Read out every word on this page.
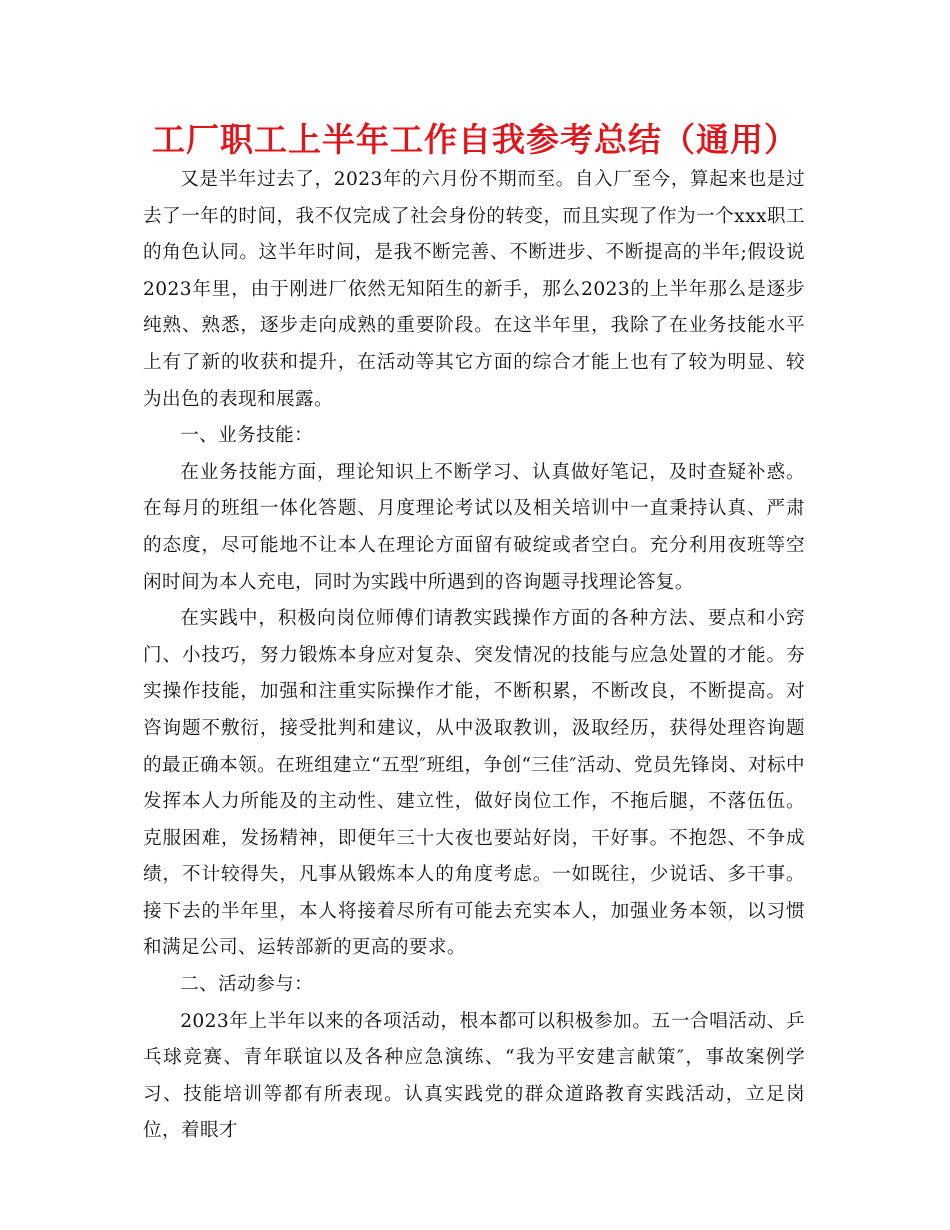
工厂职工上半年工作自我参考总结（通用）

又是半年过去了，2023年的六月份不期而至。自入厂至今，算起来也是过去了一年的时间，我不仅完成了社会身份的转变，而且实现了作为一个xxx职工的角色认同。这半年时间，是我不断完善、不断进步、不断提高的半年;假设说2023年里，由于刚进厂依然无知陌生的新手，那么2023的上半年那么是逐步纯熟、熟悉，逐步走向成熟的重要阶段。在这半年里，我除了在业务技能水平上有了新的收获和提升，在活动等其它方面的综合才能上也有了较为明显、较为出色的表现和展露。

一、业务技能：

在业务技能方面，理论知识上不断学习、认真做好笔记，及时查疑补惑。在每月的班组一体化答题、月度理论考试以及相关培训中一直秉持认真、严肃的态度，尽可能地不让本人在理论方面留有破绽或者空白。充分利用夜班等空闲时间为本人充电，同时为实践中所遇到的咨询题寻找理论答复。

在实践中，积极向岗位师傅们请教实践操作方面的各种方法、要点和小窍门、小技巧，努力锻炼本身应对复杂、突发情况的技能与应急处置的才能。夯实操作技能，加强和注重实际操作才能，不断积累，不断改良，不断提高。对咨询题不敷衍，接受批判和建议，从中汲取教训，汲取经历，获得处理咨询题的最正确本领。在班组建立“五型″班组，争创“三佳″活动、党员先锋岗、对标中发挥本人力所能及的主动性、建立性，做好岗位工作，不拖后腿，不落伍伍。克服困难，发扬精神，即便年三十大夜也要站好岗，干好事。不抱怨、不争成绩，不计较得失，凡事从锻炼本人的角度考虑。一如既往，少说话、多干事。接下去的半年里，本人将接着尽所有可能去充实本人，加强业务本领，以习惯和满足公司、运转部新的更高的要求。

二、活动参与：

2023年上半年以来的各项活动，根本都可以积极参加。五一合唱活动、乒乓球竞赛、青年联谊以及各种应急演练、“我为平安建言献策″，事故案例学习、技能培训等都有所表现。认真实践党的群众道路教育实践活动，立足岗位，着眼才
